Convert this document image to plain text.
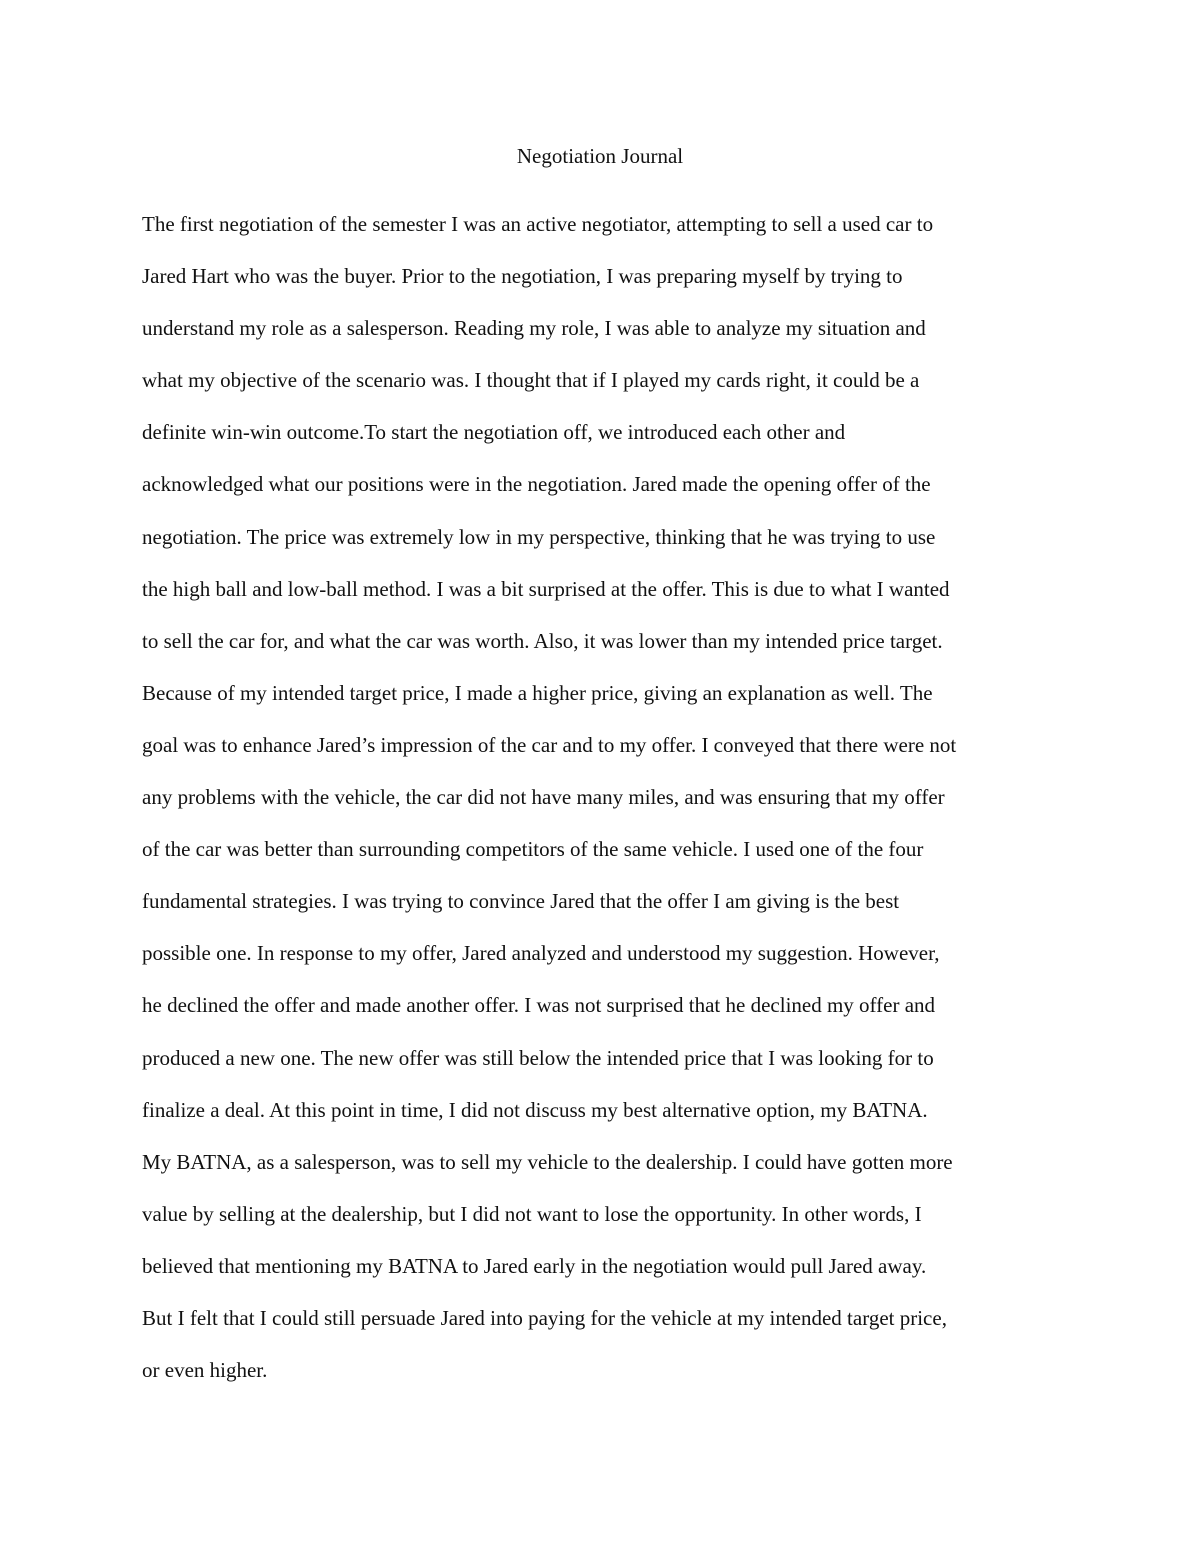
Negotiation Journal
The first negotiation of the semester I was an active negotiator, attempting to sell a used car to
Jared Hart who was the buyer. Prior to the negotiation, I was preparing myself by trying to
understand my role as a salesperson. Reading my role, I was able to analyze my situation and
what my objective of the scenario was. I thought that if I played my cards right, it could be a
definite win-win outcome.To start the negotiation off, we introduced each other and
acknowledged what our positions were in the negotiation. Jared made the opening offer of the
negotiation. The price was extremely low in my perspective, thinking that he was trying to use
the high ball and low-ball method. I was a bit surprised at the offer. This is due to what I wanted
to sell the car for, and what the car was worth. Also, it was lower than my intended price target.
Because of my intended target price, I made a higher price, giving an explanation as well. The
goal was to enhance Jared’s impression of the car and to my offer. I conveyed that there were not
any problems with the vehicle, the car did not have many miles, and was ensuring that my offer
of the car was better than surrounding competitors of the same vehicle. I used one of the four
fundamental strategies. I was trying to convince Jared that the offer I am giving is the best
possible one. In response to my offer, Jared analyzed and understood my suggestion. However,
he declined the offer and made another offer. I was not surprised that he declined my offer and
produced a new one. The new offer was still below the intended price that I was looking for to
finalize a deal. At this point in time, I did not discuss my best alternative option, my BATNA.
My BATNA, as a salesperson, was to sell my vehicle to the dealership. I could have gotten more
value by selling at the dealership, but I did not want to lose the opportunity. In other words, I
believed that mentioning my BATNA to Jared early in the negotiation would pull Jared away.
But I felt that I could still persuade Jared into paying for the vehicle at my intended target price,
or even higher.
